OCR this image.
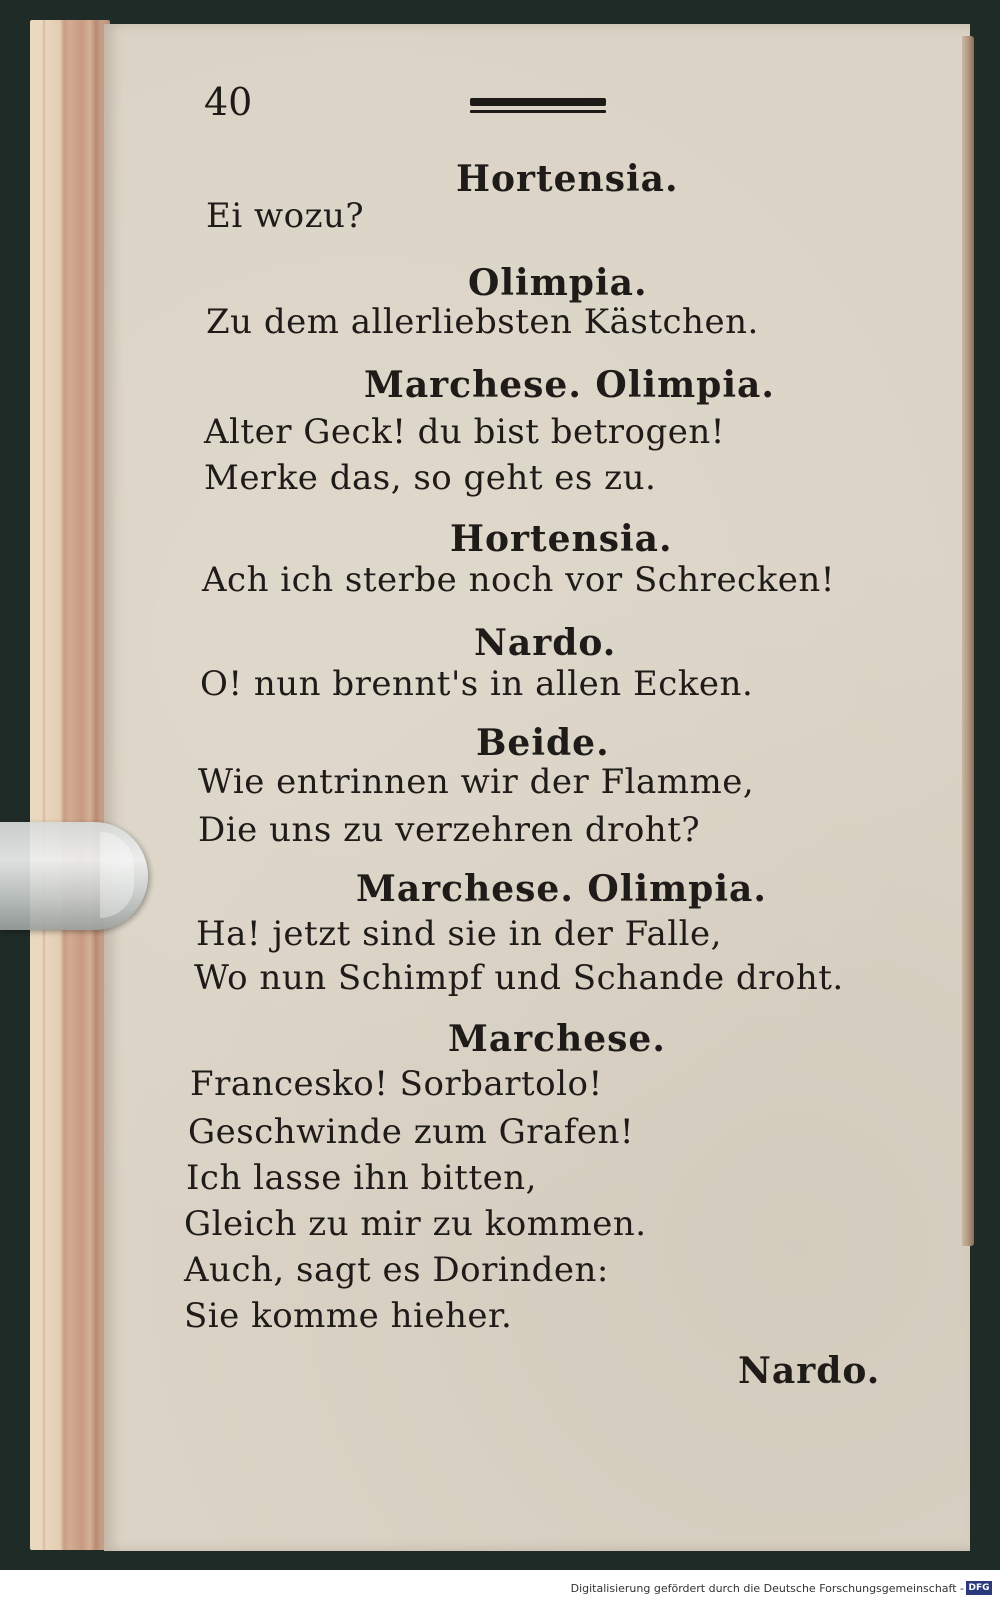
40
Hortensia.
Ei wozu?
Olimpia.
Zu dem allerliebsten Kästchen.
Marchese. Olimpia.
Alter Geck! du bist betrogen!
Merke das, so geht es zu.
Hortensia.
Ach ich sterbe noch vor Schrecken!
Nardo.
O! nun brennt's in allen Ecken.
Beide.
Wie entrinnen wir der Flamme,
Die uns zu verzehren droht?
Marchese. Olimpia.
Ha! jetzt sind sie in der Falle,
Wo nun Schimpf und Schande droht.
Marchese.
Francesko! Sorbartolo!
Geschwinde zum Grafen!
Ich lasse ihn bitten,
Gleich zu mir zu kommen.
Auch, sagt es Dorinden:
Sie komme hieher.
Nardo.
Digitalisierung gefördert durch die Deutsche Forschungsgemeinschaft - DFG
